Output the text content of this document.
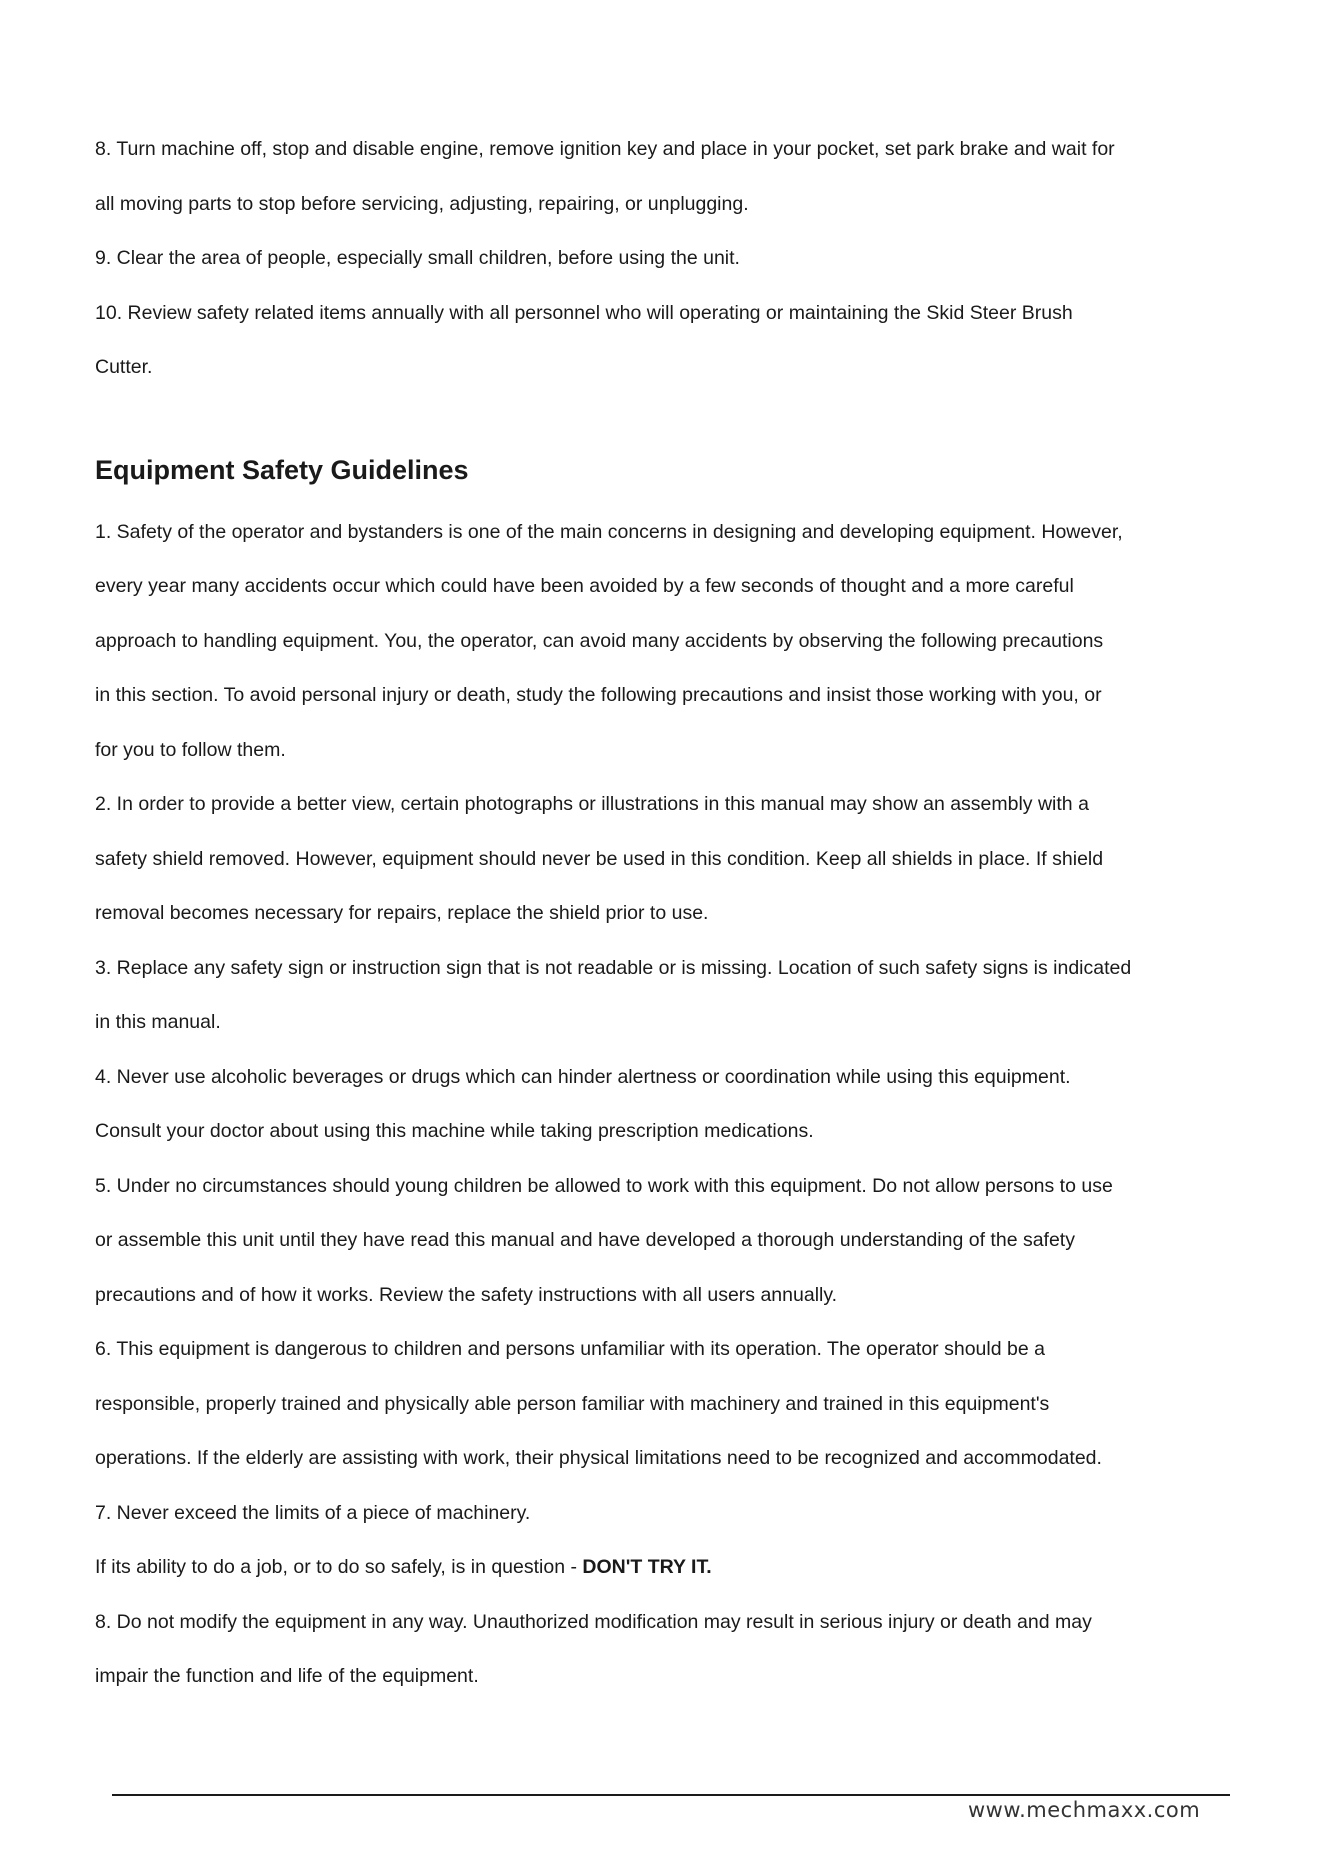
8. Turn machine off, stop and disable engine, remove ignition key and place in your pocket, set park brake and wait for

all moving parts to stop before servicing, adjusting, repairing, or unplugging.

9. Clear the area of people, especially small children, before using the unit.

10. Review safety related items annually with all personnel who will operating or maintaining the Skid Steer Brush

Cutter.

Equipment Safety Guidelines

1. Safety of the operator and bystanders is one of the main concerns in designing and developing equipment. However,

every year many accidents occur which could have been avoided by a few seconds of thought and a more careful

approach to handling equipment. You, the operator, can avoid many accidents by observing the following precautions

in this section. To avoid personal injury or death, study the following precautions and insist those working with you, or

for you to follow them.

2. In order to provide a better view, certain photographs or illustrations in this manual may show an assembly with a

safety shield removed. However, equipment should never be used in this condition. Keep all shields in place. If shield

removal becomes necessary for repairs, replace the shield prior to use.

3. Replace any safety sign or instruction sign that is not readable or is missing. Location of such safety signs is indicated

in this manual.

4. Never use alcoholic beverages or drugs which can hinder alertness or coordination while using this equipment.

Consult your doctor about using this machine while taking prescription medications.

5. Under no circumstances should young children be allowed to work with this equipment. Do not allow persons to use

or assemble this unit until they have read this manual and have developed a thorough understanding of the safety

precautions and of how it works. Review the safety instructions with all users annually.

6. This equipment is dangerous to children and persons unfamiliar with its operation. The operator should be a

responsible, properly trained and physically able person familiar with machinery and trained in this equipment's

operations. If the elderly are assisting with work, their physical limitations need to be recognized and accommodated.

7. Never exceed the limits of a piece of machinery.

If its ability to do a job, or to do so safely, is in question - DON'T TRY IT.

8. Do not modify the equipment in any way. Unauthorized modification may result in serious injury or death and may

impair the function and life of the equipment.

www.mechmaxx.com
